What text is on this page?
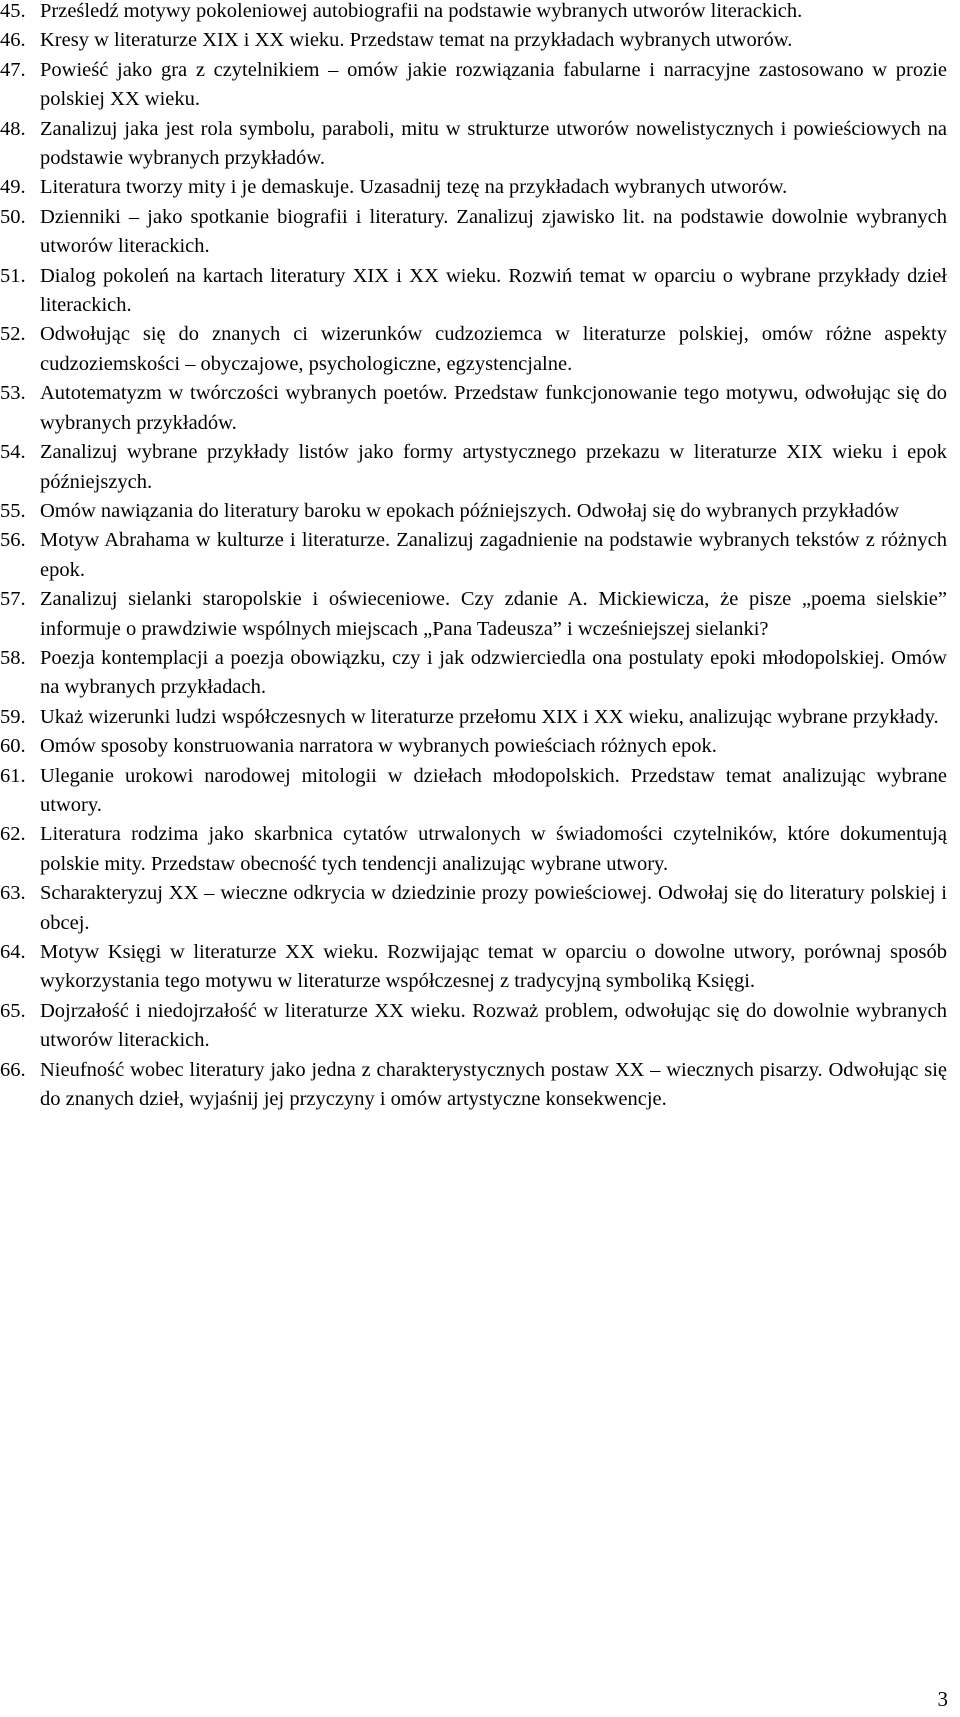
45. Prześledź motywy pokoleniowej autobiografii na podstawie wybranych utworów literackich.
46. Kresy w literaturze XIX i XX wieku. Przedstaw temat na przykładach wybranych utworów.
47. Powieść jako gra z czytelnikiem – omów jakie rozwiązania fabularne i narracyjne zastosowano w prozie polskiej XX wieku.
48. Zanalizuj jaka jest rola symbolu, paraboli, mitu w strukturze utworów nowelistycznych i powieściowych na podstawie wybranych przykładów.
49. Literatura tworzy mity i je demaskuje. Uzasadnij tezę na przykładach wybranych utworów.
50. Dzienniki – jako spotkanie biografii i literatury. Zanalizuj zjawisko lit. na podstawie dowolnie wybranych utworów literackich.
51. Dialog pokoleń na kartach literatury XIX i XX wieku. Rozwiń temat w oparciu o wybrane przykłady dzieł literackich.
52. Odwołując się do znanych ci wizerunków cudzoziemca w literaturze polskiej, omów różne aspekty cudzoziemskości – obyczajowe, psychologiczne, egzystencjalne.
53. Autotematyzm w twórczości wybranych poetów. Przedstaw funkcjonowanie tego motywu, odwołując się do wybranych przykładów.
54. Zanalizuj wybrane przykłady listów jako formy artystycznego przekazu w literaturze XIX wieku i epok późniejszych.
55. Omów nawiązania do literatury baroku w epokach późniejszych. Odwołaj się do wybranych przykładów
56. Motyw Abrahama w kulturze i literaturze. Zanalizuj zagadnienie na podstawie wybranych tekstów z różnych epok.
57. Zanalizuj sielanki staropolskie i oświeceniowe. Czy zdanie A. Mickiewicza, że pisze „poema sielskie” informuje o prawdziwie wspólnych miejscach „Pana Tadeusza” i wcześniejszej sielanki?
58. Poezja kontemplacji a poezja obowiązku, czy i jak odzwierciedla ona postulaty epoki młodopolskiej. Omów na wybranych przykładach.
59. Ukaż wizerunki ludzi współczesnych w literaturze przełomu XIX i XX wieku, analizując wybrane przykłady.
60. Omów sposoby konstruowania narratora w wybranych powieściach różnych epok.
61. Uleganie urokowi narodowej mitologii w dziełach młodopolskich. Przedstaw temat analizując wybrane utwory.
62. Literatura rodzima jako skarbnica cytatów utrwalonych w świadomości czytelników, które dokumentują polskie mity. Przedstaw obecność tych tendencji analizując wybrane utwory.
63. Scharakteryzuj XX – wieczne odkrycia w dziedzinie prozy powieściowej. Odwołaj się do literatury polskiej i obcej.
64. Motyw Księgi w literaturze XX wieku. Rozwijając temat w oparciu o dowolne utwory, porównaj sposób wykorzystania tego motywu w literaturze współczesnej z tradycyjną symboliką Księgi.
65. Dojrzałość i niedojrzałość w literaturze XX wieku. Rozważ problem, odwołując się do dowolnie wybranych utworów literackich.
66. Nieufność wobec literatury jako jedna z charakterystycznych postaw XX – wiecznych pisarzy. Odwołując się do znanych dzieł, wyjaśnij jej przyczyny i omów artystyczne konsekwencje.
3
